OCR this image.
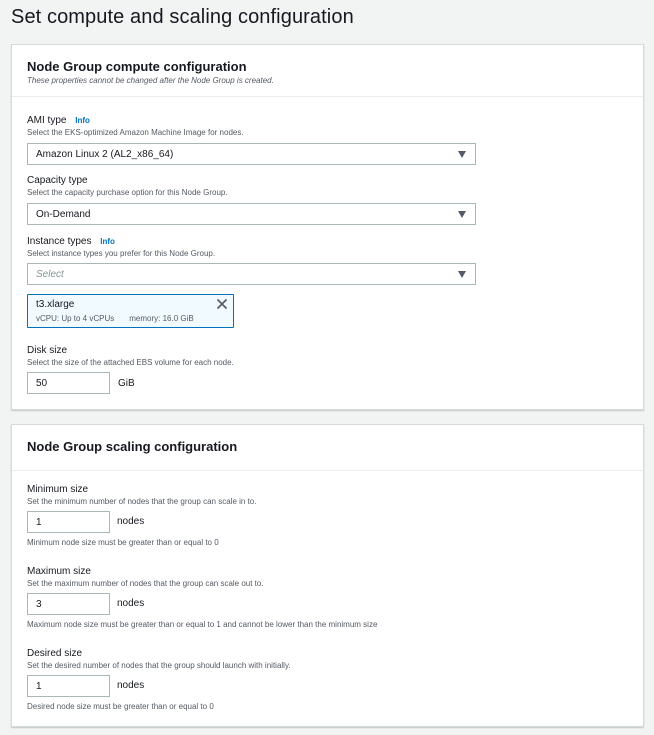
Set compute and scaling configuration
Node Group compute configuration
These properties cannot be changed after the Node Group is created.
AMI type Info
Select the EKS-optimized Amazon Machine Image for nodes.
Amazon Linux 2 (AL2_x86_64)
Capacity type
Select the capacity purchase option for this Node Group.
On-Demand
Instance types Info
Select instance types you prefer for this Node Group.
Select
t3.xlarge
vCPU: Up to 4 vCPUs memory: 16.0 GiB
Disk size
Select the size of the attached EBS volume for each node.
50	GiB
Node Group scaling configuration
Minimum size
Set the minimum number of nodes that the group can scale in to.
1	nodes
Minimum node size must be greater than or equal to 0
Maximum size
Set the maximum number of nodes that the group can scale out to.
3	nodes
Maximum node size must be greater than or equal to 1 and cannot be lower than the minimum size
Desired size
Set the desired number of nodes that the group should launch with initially.
1	nodes
Desired node size must be greater than or equal to 0
